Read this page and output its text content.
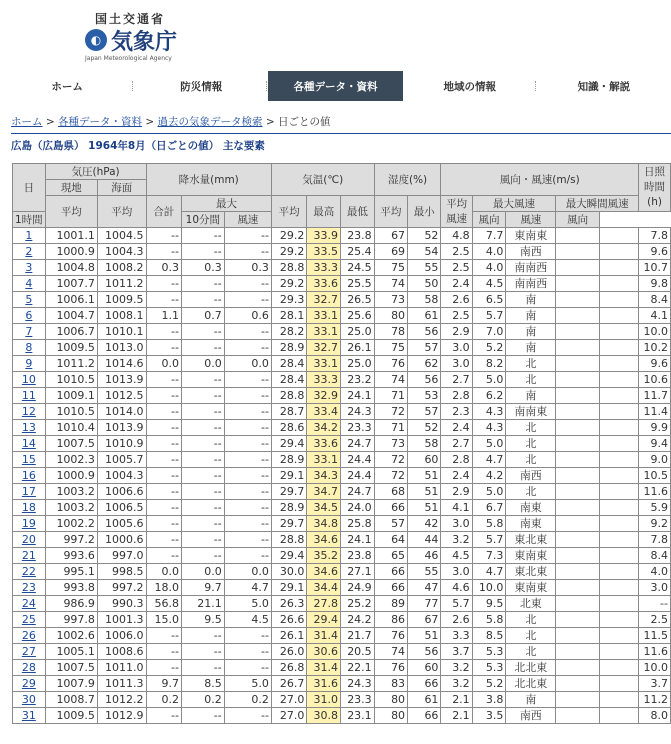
国土交通省
◐ 気象庁
Japan Meteorological Agency
ホーム	防災情報	各種データ・資料	地域の情報	知識・解説
ホーム > 各種データ・資料 > 過去の気象データ検索 > 日ごとの値
広島（広島県） 1964年8月（日ごとの値） 主な要素
日	気圧(hPa)		降水量(mm)			気温(℃)			湿度(%)		風向・風速(m/s)					日照時間(h)
	現地	海面														
	平均	平均	合計	最大		平均	最高	最低	平均	最小	平均風速	最大風速		最大瞬間風速		
1時間				10分間	風速							風向	風速	風向		
1	1001.1	1004.5	--	--	--	29.2	33.9	23.8	67	52	4.8	7.7	東南東			7.8
2	1000.9	1004.3	--	--	--	29.2	33.5	25.4	69	54	2.5	4.0	南西			9.6
3	1004.8	1008.2	0.3	0.3	0.3	28.8	33.3	24.5	75	55	2.5	4.0	南南西			10.7
4	1007.7	1011.2	--	--	--	29.2	33.6	25.5	74	50	2.4	4.5	南南西			9.8
5	1006.1	1009.5	--	--	--	29.3	32.7	26.5	73	58	2.6	6.5	南			8.4
6	1004.7	1008.1	1.1	0.7	0.6	28.1	33.1	25.6	80	61	2.5	5.7	南			4.1
7	1006.7	1010.1	--	--	--	28.2	33.1	25.0	78	56	2.9	7.0	南			10.0
8	1009.5	1013.0	--	--	--	28.9	32.7	26.1	75	57	3.0	5.2	南			10.2
9	1011.2	1014.6	0.0	0.0	0.0	28.4	33.1	25.0	76	62	3.0	8.2	北			9.6
10	1010.5	1013.9	--	--	--	28.4	33.3	23.2	74	56	2.7	5.0	北			10.6
11	1009.1	1012.5	--	--	--	28.8	32.9	24.1	71	53	2.8	6.2	南			11.7
12	1010.5	1014.0	--	--	--	28.7	33.4	24.3	72	57	2.3	4.3	南南東			11.4
13	1010.4	1013.9	--	--	--	28.6	34.2	23.3	71	52	2.4	4.3	北			9.9
14	1007.5	1010.9	--	--	--	29.4	33.6	24.7	73	58	2.7	5.0	北			9.4
15	1002.3	1005.7	--	--	--	28.9	33.1	24.4	72	60	2.8	4.7	北			9.0
16	1000.9	1004.3	--	--	--	29.1	34.3	24.4	72	51	2.4	4.2	南西			10.5
17	1003.2	1006.6	--	--	--	29.7	34.7	24.7	68	51	2.9	5.0	北			11.6
18	1003.2	1006.5	--	--	--	28.9	34.5	24.0	66	51	4.1	6.7	南東			5.9
19	1002.2	1005.6	--	--	--	29.7	34.8	25.8	57	42	3.0	5.8	南東			9.2
20	997.2	1000.6	--	--	--	28.8	34.6	24.1	64	44	3.2	5.7	東北東			7.8
21	993.6	997.0	--	--	--	29.4	35.2	23.8	65	46	4.5	7.3	東南東			8.4
22	995.1	998.5	0.0	0.0	0.0	30.0	34.6	27.1	66	55	3.0	4.7	東北東			4.0
23	993.8	997.2	18.0	9.7	4.7	29.1	34.4	24.9	66	47	4.6	10.0	東南東			3.0
24	986.9	990.3	56.8	21.1	5.0	26.3	27.8	25.2	89	77	5.7	9.5	北東			--
25	997.8	1001.3	15.0	9.5	4.5	26.6	29.4	24.2	86	67	2.6	5.8	北			2.5
26	1002.6	1006.0	--	--	--	26.1	31.4	21.7	76	51	3.3	8.5	北			11.5
27	1005.1	1008.6	--	--	--	26.0	30.6	20.5	74	56	3.7	5.3	北			11.6
28	1007.5	1011.0	--	--	--	26.8	31.4	22.1	76	60	3.2	5.3	北北東			10.0
29	1007.9	1011.3	9.7	8.5	5.0	26.7	31.6	24.3	83	66	3.2	5.2	北北東			3.7
30	1008.7	1012.2	0.2	0.2	0.2	27.0	31.0	23.3	80	61	2.1	3.8	南			11.2
31	1009.5	1012.9	--	--	--	27.0	30.8	23.1	80	66	2.1	3.5	南西			8.0
